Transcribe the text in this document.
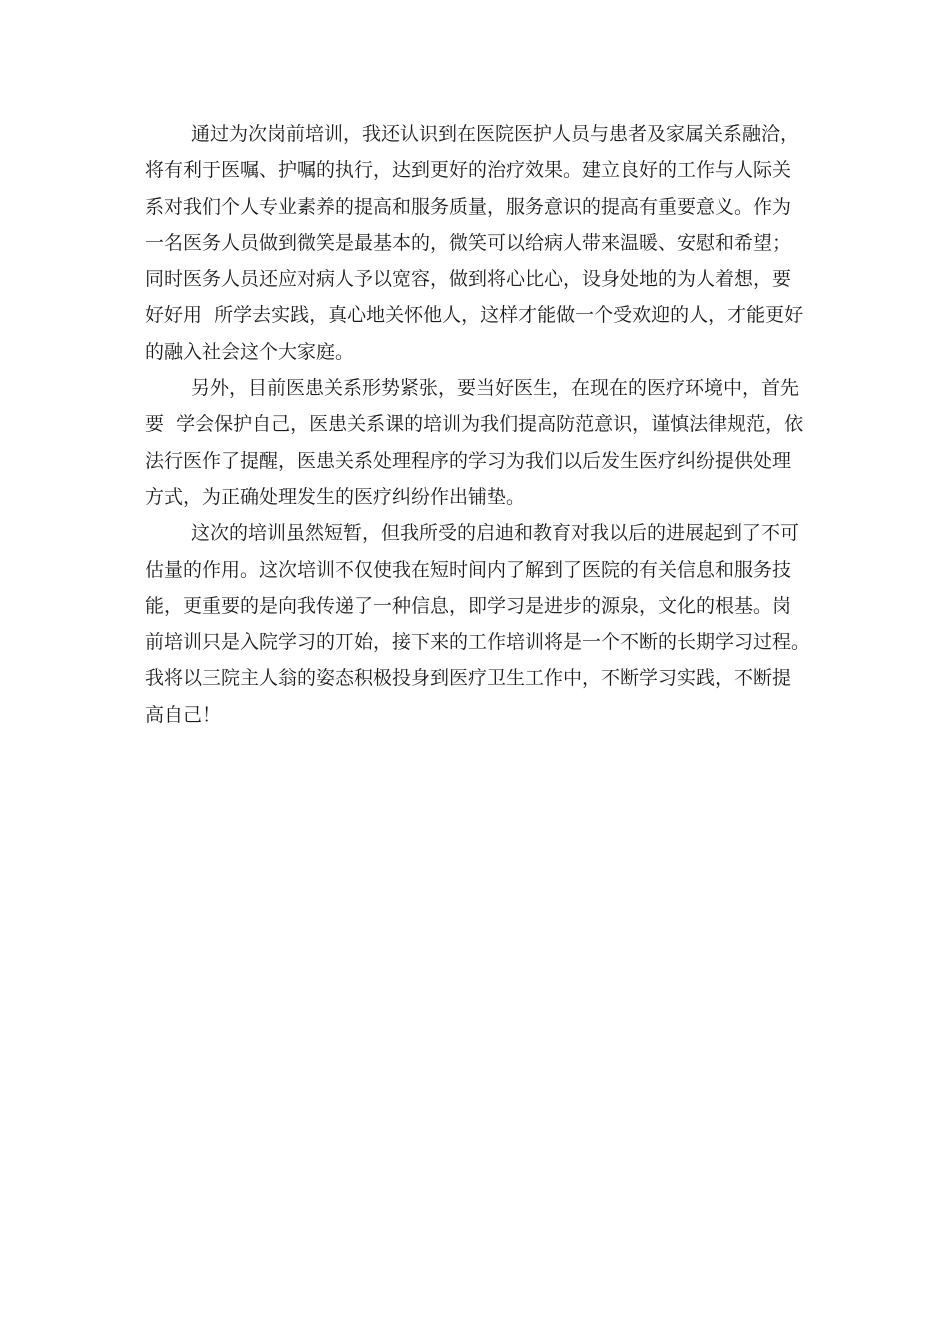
通过为次岗前培训，我还认识到在医院医护人员与患者及家属关系融洽，
将有利于医嘱、护嘱的执行，达到更好的治疗效果。建立良好的工作与人际关
系对我们个人专业素养的提高和服务质量，服务意识的提高有重要意义。作为
一名医务人员做到微笑是最基本的，微笑可以给病人带来温暖、安慰和希望；
同时医务人员还应对病人予以宽容，做到将心比心，设身处地的为人着想，要
好好用  所学去实践，真心地关怀他人，这样才能做一个受欢迎的人，才能更好
的融入社会这个大家庭。
另外，目前医患关系形势紧张，要当好医生，在现在的医疗环境中，首先
要  学会保护自己，医患关系课的培训为我们提高防范意识，谨慎法律规范，依
法行医作了提醒，医患关系处理程序的学习为我们以后发生医疗纠纷提供处理
方式，为正确处理发生的医疗纠纷作出铺垫。
这次的培训虽然短暂，但我所受的启迪和教育对我以后的进展起到了不可
估量的作用。这次培训不仅使我在短时间内了解到了医院的有关信息和服务技
能，更重要的是向我传递了一种信息，即学习是进步的源泉，文化的根基。岗
前培训只是入院学习的丌始，接下来的工作培训将是一个不断的长期学习过程。
我将以三院主人翁的姿态积极投身到医疗卫生工作中，不断学习实践，不断提
高自己！
